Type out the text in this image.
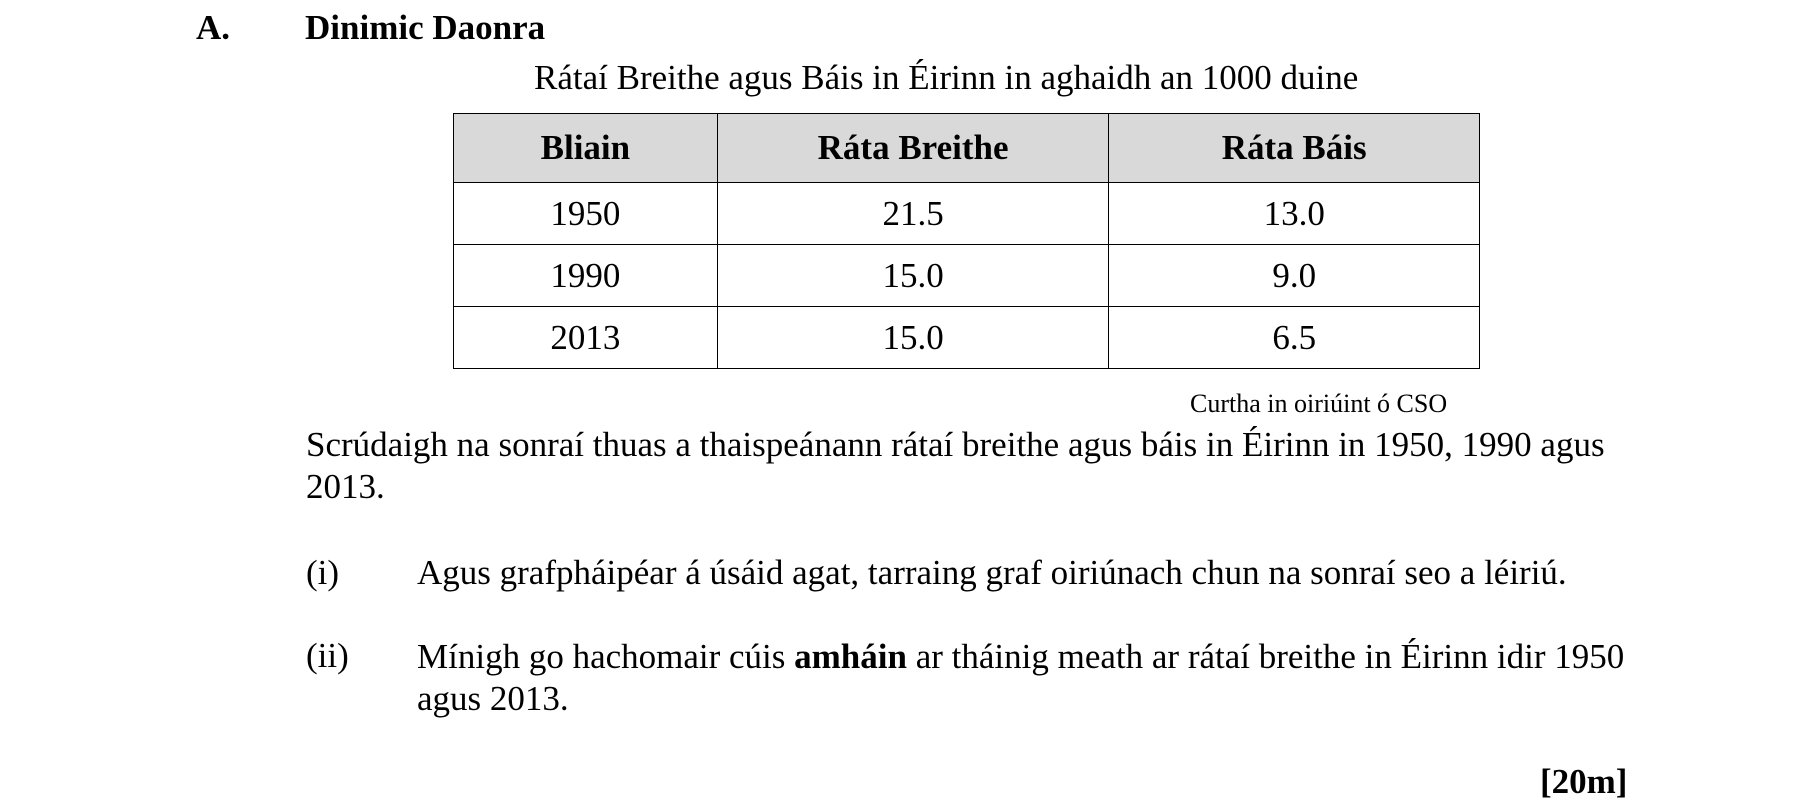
A. Dinimic Daonra
Rátaí Breithe agus Báis in Éirinn in aghaidh an 1000 duine
Bliain	Ráta Breithe	Ráta Báis
1950	21.5	13.0
1990	15.0	9.0
2013	15.0	6.5
Curtha in oiriúint ó CSO
Scrúdaigh na sonraí thuas a thaispeánann rátaí breithe agus báis in Éirinn in 1950, 1990 agus 2013.
(i) Agus grafpháipéar á úsáid agat, tarraing graf oiriúnach chun na sonraí seo a léiriú.
(ii) Mínigh go hachomair cúis amháin ar tháinig meath ar rátaí breithe in Éirinn idir 1950 agus 2013.
[20m]
